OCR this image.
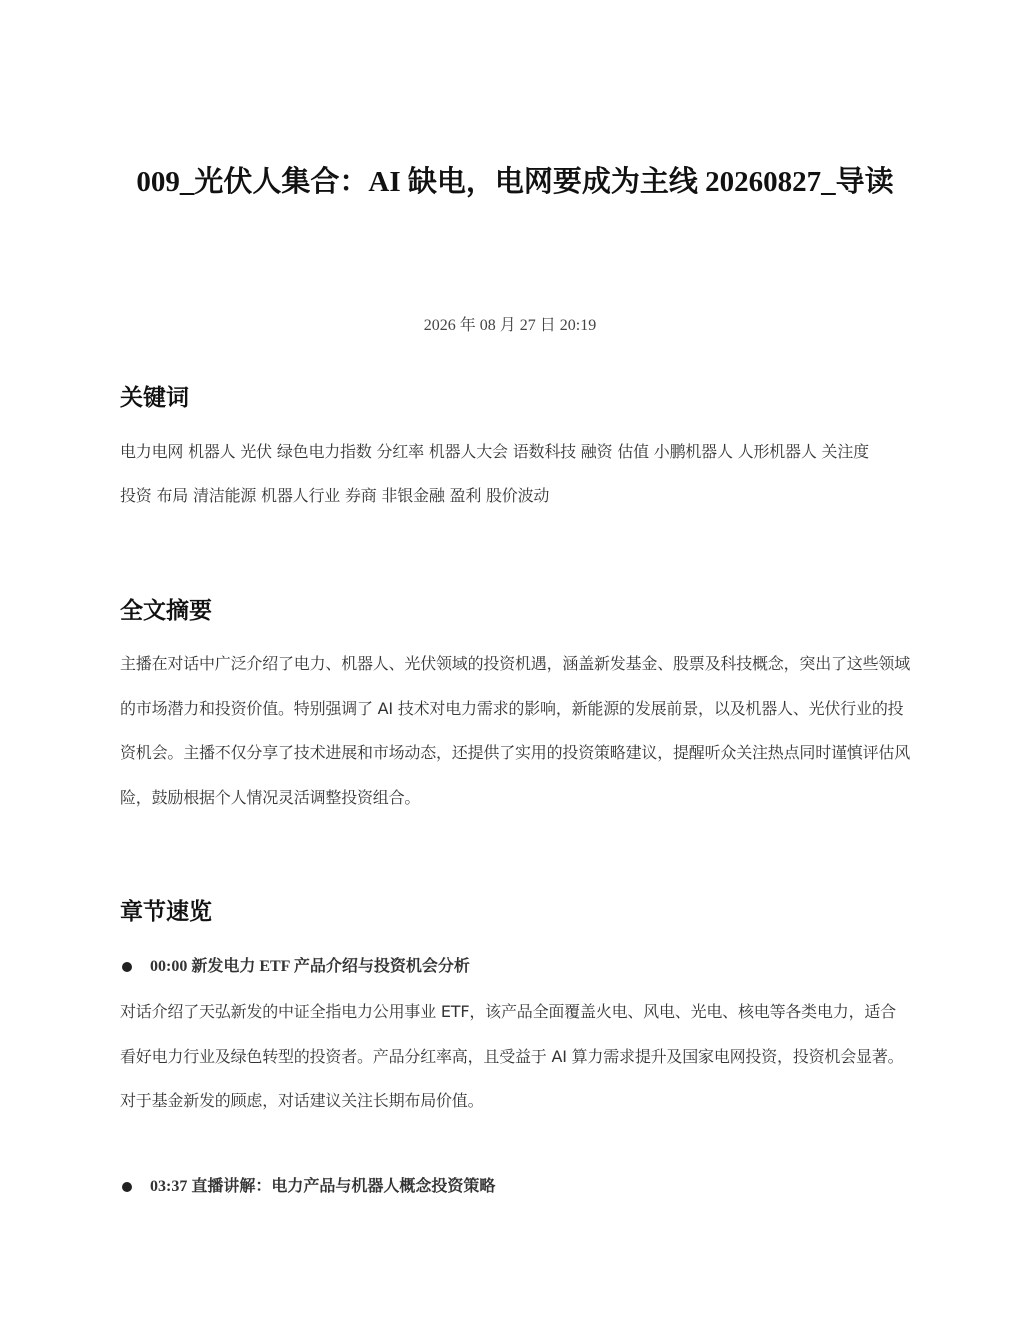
009_光伏人集合：AI 缺电，电网要成为主线 20260827_导读
2026 年 08 月 27 日 20:19
关键词

电力电网 机器人 光伏 绿色电力指数 分红率 机器人大会 语数科技 融资 估值 小鹏机器人 人形机器人 关注度

投资 布局 清洁能源 机器人行业 券商 非银金融 盈利 股价波动

全文摘要

主播在对话中广泛介绍了电力、机器人、光伏领域的投资机遇，涵盖新发基金、股票及科技概念，突出了这些领域的市场潜力和投资价值。特别强调了 AI 技术对电力需求的影响，新能源的发展前景，以及机器人、光伏行业的投资机会。主播不仅分享了技术进展和市场动态，还提供了实用的投资策略建议，提醒听众关注热点同时谨慎评估风险，鼓励根据个人情况灵活调整投资组合。

章节速览
00:00 新发电力 ETF 产品介绍与投资机会分析

对话介绍了天弘新发的中证全指电力公用事业 ETF，该产品全面覆盖火电、风电、光电、核电等各类电力，适合看好电力行业及绿色转型的投资者。产品分红率高，且受益于 AI 算力需求提升及国家电网投资，投资机会显著。对于基金新发的顾虑，对话建议关注长期布局价值。

03:37 直播讲解：电力产品与机器人概念投资策略
